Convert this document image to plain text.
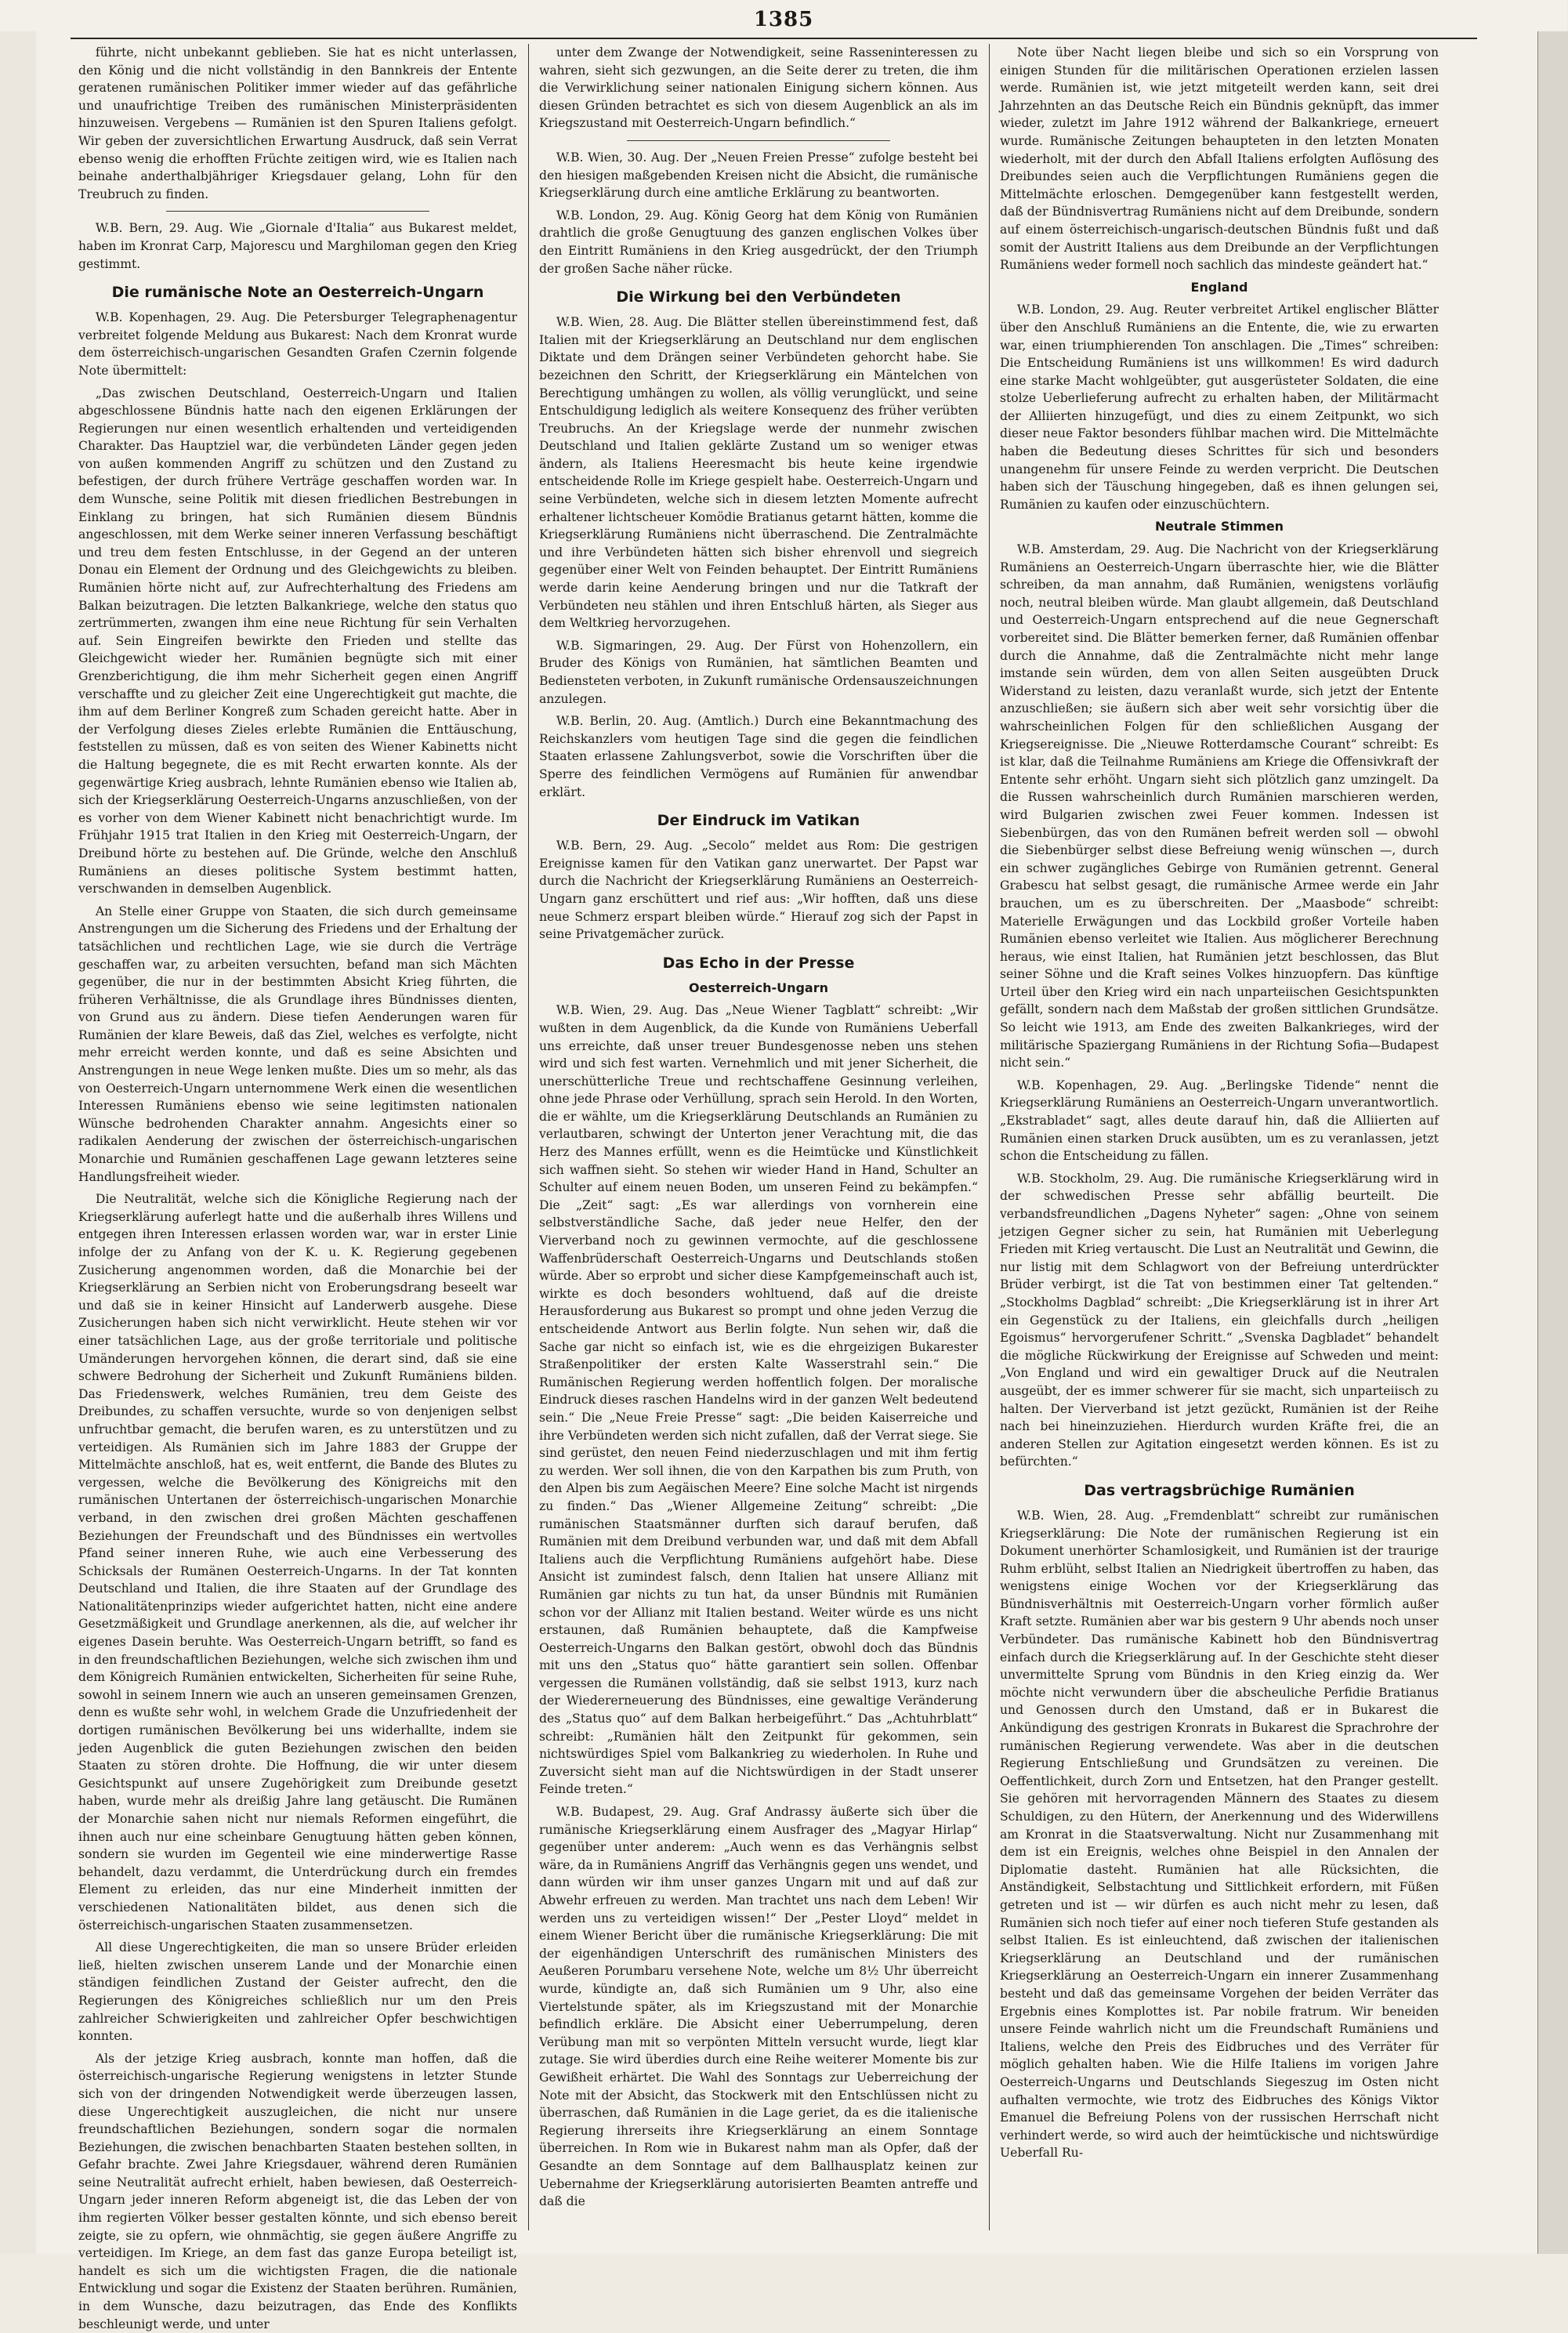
1385

führte, nicht unbekannt geblieben. Sie hat es nicht unterlassen, den König und die nicht vollständig in den Bannkreis der Entente geratenen rumänischen Politiker immer wieder auf das gefährliche und unaufrichtige Treiben des rumänischen Ministerpräsidenten hinzuweisen. Vergebens — Rumänien ist den Spuren Italiens gefolgt. Wir geben der zuversichtlichen Erwartung Ausdruck, daß sein Verrat ebenso wenig die erhofften Früchte zeitigen wird, wie es Italien nach beinahe anderthalbjähriger Kriegsdauer gelang, Lohn für den Treubruch zu finden.

W.B. Bern, 29. Aug. Wie „Giornale d'Italia“ aus Bukarest meldet, haben im Kronrat Carp, Majorescu und Marghiloman gegen den Krieg gestimmt.

Die rumänische Note an Oesterreich-Ungarn

W.B. Kopenhagen, 29. Aug. Die Petersburger Telegraphenagentur verbreitet folgende Meldung aus Bukarest: Nach dem Kronrat wurde dem österreichisch-ungarischen Gesandten Grafen Czernin folgende Note übermittelt:

„Das zwischen Deutschland, Oesterreich-Ungarn und Italien abgeschlossene Bündnis hatte nach den eigenen Erklärungen der Regierungen nur einen wesentlich erhaltenden und verteidigenden Charakter. Das Hauptziel war, die verbündeten Länder gegen jeden von außen kommenden Angriff zu schützen und den Zustand zu befestigen, der durch frühere Verträge geschaffen worden war. In dem Wunsche, seine Politik mit diesen friedlichen Bestrebungen in Einklang zu bringen, hat sich Rumänien diesem Bündnis angeschlossen, mit dem Werke seiner inneren Verfassung beschäftigt und treu dem festen Entschlusse, in der Gegend an der unteren Donau ein Element der Ordnung und des Gleichgewichts zu bleiben. Rumänien hörte nicht auf, zur Aufrechterhaltung des Friedens am Balkan beizutragen. Die letzten Balkankriege, welche den status quo zertrümmerten, zwangen ihm eine neue Richtung für sein Verhalten auf. Sein Eingreifen bewirkte den Frieden und stellte das Gleichgewicht wieder her. Rumänien begnügte sich mit einer Grenzberichtigung, die ihm mehr Sicherheit gegen einen Angriff verschaffte und zu gleicher Zeit eine Ungerechtigkeit gut machte, die ihm auf dem Berliner Kongreß zum Schaden gereicht hatte. Aber in der Verfolgung dieses Zieles erlebte Rumänien die Enttäuschung, feststellen zu müssen, daß es von seiten des Wiener Kabinetts nicht die Haltung begegnete, die es mit Recht erwarten konnte. Als der gegenwärtige Krieg ausbrach, lehnte Rumänien ebenso wie Italien ab, sich der Kriegserklärung Oesterreich-Ungarns anzuschließen, von der es vorher von dem Wiener Kabinett nicht benachrichtigt wurde. Im Frühjahr 1915 trat Italien in den Krieg mit Oesterreich-Ungarn, der Dreibund hörte zu bestehen auf. Die Gründe, welche den Anschluß Rumäniens an dieses politische System bestimmt hatten, verschwanden in demselben Augenblick.

An Stelle einer Gruppe von Staaten, die sich durch gemeinsame Anstrengungen um die Sicherung des Friedens und der Erhaltung der tatsächlichen und rechtlichen Lage, wie sie durch die Verträge geschaffen war, zu arbeiten versuchten, befand man sich Mächten gegenüber, die nur in der bestimmten Absicht Krieg führten, die früheren Verhältnisse, die als Grundlage ihres Bündnisses dienten, von Grund aus zu ändern. Diese tiefen Aenderungen waren für Rumänien der klare Beweis, daß das Ziel, welches es verfolgte, nicht mehr erreicht werden konnte, und daß es seine Absichten und Anstrengungen in neue Wege lenken mußte. Dies um so mehr, als das von Oesterreich-Ungarn unternommene Werk einen die wesentlichen Interessen Rumäniens ebenso wie seine legitimsten nationalen Wünsche bedrohenden Charakter annahm. Angesichts einer so radikalen Aenderung der zwischen der österreichisch-ungarischen Monarchie und Rumänien geschaffenen Lage gewann letzteres seine Handlungsfreiheit wieder.

Die Neutralität, welche sich die Königliche Regierung nach der Kriegserklärung auferlegt hatte und die außerhalb ihres Willens und entgegen ihren Interessen erlassen worden war, war in erster Linie infolge der zu Anfang von der K. u. K. Regierung gegebenen Zusicherung angenommen worden, daß die Monarchie bei der Kriegserklärung an Serbien nicht von Eroberungsdrang beseelt war und daß sie in keiner Hinsicht auf Landerwerb ausgehe. Diese Zusicherungen haben sich nicht verwirklicht. Heute stehen wir vor einer tatsächlichen Lage, aus der große territoriale und politische Umänderungen hervorgehen können, die derart sind, daß sie eine schwere Bedrohung der Sicherheit und Zukunft Rumäniens bilden. Das Friedenswerk, welches Rumänien, treu dem Geiste des Dreibundes, zu schaffen versuchte, wurde so von denjenigen selbst unfruchtbar gemacht, die berufen waren, es zu unterstützen und zu verteidigen. Als Rumänien sich im Jahre 1883 der Gruppe der Mittelmächte anschloß, hat es, weit entfernt, die Bande des Blutes zu vergessen, welche die Bevölkerung des Königreichs mit den rumänischen Untertanen der österreichisch-ungarischen Monarchie verband, in den zwischen drei großen Mächten geschaffenen Beziehungen der Freundschaft und des Bündnisses ein wertvolles Pfand seiner inneren Ruhe, wie auch eine Verbesserung des Schicksals der Rumänen Oesterreich-Ungarns. In der Tat konnten Deutschland und Italien, die ihre Staaten auf der Grundlage des Nationalitätenprinzips wieder aufgerichtet hatten, nicht eine andere Gesetzmäßigkeit und Grundlage anerkennen, als die, auf welcher ihr eigenes Dasein beruhte. Was Oesterreich-Ungarn betrifft, so fand es in den freundschaftlichen Beziehungen, welche sich zwischen ihm und dem Königreich Rumänien entwickelten, Sicherheiten für seine Ruhe, sowohl in seinem Innern wie auch an unseren gemeinsamen Grenzen, denn es wußte sehr wohl, in welchem Grade die Unzufriedenheit der dortigen rumänischen Bevölkerung bei uns widerhallte, indem sie jeden Augenblick die guten Beziehungen zwischen den beiden Staaten zu stören drohte. Die Hoffnung, die wir unter diesem Gesichtspunkt auf unsere Zugehörigkeit zum Dreibunde gesetzt haben, wurde mehr als dreißig Jahre lang getäuscht. Die Rumänen der Monarchie sahen nicht nur niemals Reformen eingeführt, die ihnen auch nur eine scheinbare Genugtuung hätten geben können, sondern sie wurden im Gegenteil wie eine minderwertige Rasse behandelt, dazu verdammt, die Unterdrückung durch ein fremdes Element zu erleiden, das nur eine Minderheit inmitten der verschiedenen Nationalitäten bildet, aus denen sich die österreichisch-ungarischen Staaten zusammensetzen.

All diese Ungerechtigkeiten, die man so unsere Brüder erleiden ließ, hielten zwischen unserem Lande und der Monarchie einen ständigen feindlichen Zustand der Geister aufrecht, den die Regierungen des Königreiches schließlich nur um den Preis zahlreicher Schwierigkeiten und zahlreicher Opfer beschwichtigen konnten.

Als der jetzige Krieg ausbrach, konnte man hoffen, daß die österreichisch-ungarische Regierung wenigstens in letzter Stunde sich von der dringenden Notwendigkeit werde überzeugen lassen, diese Ungerechtigkeit auszugleichen, die nicht nur unsere freundschaftlichen Beziehungen, sondern sogar die normalen Beziehungen, die zwischen benachbarten Staaten bestehen sollten, in Gefahr brachte. Zwei Jahre Kriegsdauer, während deren Rumänien seine Neutralität aufrecht erhielt, haben bewiesen, daß Oesterreich-Ungarn jeder inneren Reform abgeneigt ist, die das Leben der von ihm regierten Völker besser gestalten könnte, und sich ebenso bereit zeigte, sie zu opfern, wie ohnmächtig, sie gegen äußere Angriffe zu verteidigen. Im Kriege, an dem fast das ganze Europa beteiligt ist, handelt es sich um die wichtigsten Fragen, die die nationale Entwicklung und sogar die Existenz der Staaten berühren. Rumänien, in dem Wunsche, dazu beizutragen, das Ende des Konflikts beschleunigt werde, und unter

unter dem Zwange der Notwendigkeit, seine Rasseninteressen zu wahren, sieht sich gezwungen, an die Seite derer zu treten, die ihm die Verwirklichung seiner nationalen Einigung sichern können. Aus diesen Gründen betrachtet es sich von diesem Augenblick an als im Kriegszustand mit Oesterreich-Ungarn befindlich.“

W.B. Wien, 30. Aug. Der „Neuen Freien Presse“ zufolge besteht bei den hiesigen maßgebenden Kreisen nicht die Absicht, die rumänische Kriegserklärung durch eine amtliche Erklärung zu beantworten.

W.B. London, 29. Aug. König Georg hat dem König von Rumänien drahtlich die große Genugtuung des ganzen englischen Volkes über den Eintritt Rumäniens in den Krieg ausgedrückt, der den Triumph der großen Sache näher rücke.

Die Wirkung bei den Verbündeten

W.B. Wien, 28. Aug. Die Blätter stellen übereinstimmend fest, daß Italien mit der Kriegserklärung an Deutschland nur dem englischen Diktate und dem Drängen seiner Verbündeten gehorcht habe. Sie bezeichnen den Schritt, der Kriegserklärung ein Mäntelchen von Berechtigung umhängen zu wollen, als völlig verunglückt, und seine Entschuldigung lediglich als weitere Konsequenz des früher verübten Treubruchs. An der Kriegslage werde der nunmehr zwischen Deutschland und Italien geklärte Zustand um so weniger etwas ändern, als Italiens Heeresmacht bis heute keine irgendwie entscheidende Rolle im Kriege gespielt habe. Oesterreich-Ungarn und seine Verbündeten, welche sich in diesem letzten Momente aufrecht erhaltener lichtscheuer Komödie Bratianus getarnt hätten, komme die Kriegserklärung Rumäniens nicht überraschend. Die Zentralmächte und ihre Verbündeten hätten sich bisher ehrenvoll und siegreich gegenüber einer Welt von Feinden behauptet. Der Eintritt Rumäniens werde darin keine Aenderung bringen und nur die Tatkraft der Verbündeten neu stählen und ihren Entschluß härten, als Sieger aus dem Weltkrieg hervorzugehen.

W.B. Sigmaringen, 29. Aug. Der Fürst von Hohenzollern, ein Bruder des Königs von Rumänien, hat sämtlichen Beamten und Bediensteten verboten, in Zukunft rumänische Ordensauszeichnungen anzulegen.

W.B. Berlin, 20. Aug. (Amtlich.) Durch eine Bekanntmachung des Reichskanzlers vom heutigen Tage sind die gegen die feindlichen Staaten erlassene Zahlungsverbot, sowie die Vorschriften über die Sperre des feindlichen Vermögens auf Rumänien für anwendbar erklärt.

Der Eindruck im Vatikan

W.B. Bern, 29. Aug. „Secolo“ meldet aus Rom: Die gestrigen Ereignisse kamen für den Vatikan ganz unerwartet. Der Papst war durch die Nachricht der Kriegserklärung Rumäniens an Oesterreich-Ungarn ganz erschüttert und rief aus: „Wir hofften, daß uns diese neue Schmerz erspart bleiben würde.“ Hierauf zog sich der Papst in seine Privatgemächer zurück.

Das Echo in der Presse
Oesterreich-Ungarn

W.B. Wien, 29. Aug. Das „Neue Wiener Tagblatt“ schreibt: „Wir wußten in dem Augenblick, da die Kunde von Rumäniens Ueberfall uns erreichte, daß unser treuer Bundesgenosse neben uns stehen wird und sich fest warten. Vernehmlich und mit jener Sicherheit, die unerschütterliche Treue und rechtschaffene Gesinnung verleihen, ohne jede Phrase oder Verhüllung, sprach sein Herold. In den Worten, die er wählte, um die Kriegserklärung Deutschlands an Rumänien zu verlautbaren, schwingt der Unterton jener Verachtung mit, die das Herz des Mannes erfüllt, wenn es die Heimtücke und Künstlichkeit sich waffnen sieht. So stehen wir wieder Hand in Hand, Schulter an Schulter auf einem neuen Boden, um unseren Feind zu bekämpfen.“ Die „Zeit“ sagt: „Es war allerdings von vornherein eine selbstverständliche Sache, daß jeder neue Helfer, den der Vierverband noch zu gewinnen vermochte, auf die geschlossene Waffenbrüderschaft Oesterreich-Ungarns und Deutschlands stoßen würde. Aber so erprobt und sicher diese Kampfgemeinschaft auch ist, wirkte es doch besonders wohltuend, daß auf die dreiste Herausforderung aus Bukarest so prompt und ohne jeden Verzug die entscheidende Antwort aus Berlin folgte. Nun sehen wir, daß die Sache gar nicht so einfach ist, wie es die ehrgeizigen Bukarester Straßenpolitiker der ersten Kalte Wasserstrahl sein.“ Die Rumänischen Regierung werden hoffentlich folgen. Der moralische Eindruck dieses raschen Handelns wird in der ganzen Welt bedeutend sein.“ Die „Neue Freie Presse“ sagt: „Die beiden Kaiserreiche und ihre Verbündeten werden sich nicht zufallen, daß der Verrat siege. Sie sind gerüstet, den neuen Feind niederzuschlagen und mit ihm fertig zu werden. Wer soll ihnen, die von den Karpathen bis zum Pruth, von den Alpen bis zum Aegäischen Meere? Eine solche Macht ist nirgends zu finden.“ Das „Wiener Allgemeine Zeitung“ schreibt: „Die rumänischen Staatsmänner durften sich darauf berufen, daß Rumänien mit dem Dreibund verbunden war, und daß mit dem Abfall Italiens auch die Verpflichtung Rumäniens aufgehört habe. Diese Ansicht ist zumindest falsch, denn Italien hat unsere Allianz mit Rumänien gar nichts zu tun hat, da unser Bündnis mit Rumänien schon vor der Allianz mit Italien bestand. Weiter würde es uns nicht erstaunen, daß Rumänien behauptete, daß die Kampfweise Oesterreich-Ungarns den Balkan gestört, obwohl doch das Bündnis mit uns den „Status quo“ hätte garantiert sein sollen. Offenbar vergessen die Rumänen vollständig, daß sie selbst 1913, kurz nach der Wiedererneuerung des Bündnisses, eine gewaltige Veränderung des „Status quo“ auf dem Balkan herbeigeführt.“ Das „Achtuhrblatt“ schreibt: „Rumänien hält den Zeitpunkt für gekommen, sein nichtswürdiges Spiel vom Balkankrieg zu wiederholen. In Ruhe und Zuversicht sieht man auf die Nichtswürdigen in der Stadt unserer Feinde treten.“

W.B. Budapest, 29. Aug. Graf Andrassy äußerte sich über die rumänische Kriegserklärung einem Ausfrager des „Magyar Hirlap“ gegenüber unter anderem: „Auch wenn es das Verhängnis selbst wäre, da in Rumäniens Angriff das Verhängnis gegen uns wendet, und dann würden wir ihm unser ganzes Ungarn mit und auf daß zur Abwehr erfreuen zu werden. Man trachtet uns nach dem Leben! Wir werden uns zu verteidigen wissen!“ Der „Pester Lloyd“ meldet in einem Wiener Bericht über die rumänische Kriegserklärung: Die mit der eigenhändigen Unterschrift des rumänischen Ministers des Aeußeren Porumbaru versehene Note, welche um 8½ Uhr überreicht wurde, kündigte an, daß sich Rumänien um 9 Uhr, also eine Viertelstunde später, als im Kriegszustand mit der Monarchie befindlich erkläre. Die Absicht einer Ueberrumpelung, deren Verübung man mit so verpönten Mitteln versucht wurde, liegt klar zutage. Sie wird überdies durch eine Reihe weiterer Momente bis zur Gewißheit erhärtet. Die Wahl des Sonntags zur Ueberreichung der Note mit der Absicht, das Stockwerk mit den Entschlüssen nicht zu überraschen, daß Rumänien in die Lage geriet, da es die italienische Regierung ihrerseits ihre Kriegserklärung an einem Sonntage überreichen. In Rom wie in Bukarest nahm man als Opfer, daß der Gesandte an dem Sonntage auf dem Ballhausplatz keinen zur Uebernahme der Kriegserklärung autorisierten Beamten antreffe und daß die

Note über Nacht liegen bleibe und sich so ein Vorsprung von einigen Stunden für die militärischen Operationen erzielen lassen werde. Rumänien ist, wie jetzt mitgeteilt werden kann, seit drei Jahrzehnten an das Deutsche Reich ein Bündnis geknüpft, das immer wieder, zuletzt im Jahre 1912 während der Balkankriege, erneuert wurde. Rumänische Zeitungen behaupteten in den letzten Monaten wiederholt, mit der durch den Abfall Italiens erfolgten Auflösung des Dreibundes seien auch die Verpflichtungen Rumäniens gegen die Mittelmächte erloschen. Demgegenüber kann festgestellt werden, daß der Bündnisvertrag Rumäniens nicht auf dem Dreibunde, sondern auf einem österreichisch-ungarisch-deutschen Bündnis fußt und daß somit der Austritt Italiens aus dem Dreibunde an der Verpflichtungen Rumäniens weder formell noch sachlich das mindeste geändert hat.“

England

W.B. London, 29. Aug. Reuter verbreitet Artikel englischer Blätter über den Anschluß Rumäniens an die Entente, die, wie zu erwarten war, einen triumphierenden Ton anschlagen. Die „Times“ schreiben: Die Entscheidung Rumäniens ist uns willkommen! Es wird dadurch eine starke Macht wohlgeübter, gut ausgerüsteter Soldaten, die eine stolze Ueberlieferung aufrecht zu erhalten haben, der Militärmacht der Alliierten hinzugefügt, und dies zu einem Zeitpunkt, wo sich dieser neue Faktor besonders fühlbar machen wird. Die Mittelmächte haben die Bedeutung dieses Schrittes für sich und besonders unangenehm für unsere Feinde zu werden verpricht. Die Deutschen haben sich der Täuschung hingegeben, daß es ihnen gelungen sei, Rumänien zu kaufen oder einzuschüchtern.

Neutrale Stimmen

W.B. Amsterdam, 29. Aug. Die Nachricht von der Kriegserklärung Rumäniens an Oesterreich-Ungarn überraschte hier, wie die Blätter schreiben, da man annahm, daß Rumänien, wenigstens vorläufig noch, neutral bleiben würde. Man glaubt allgemein, daß Deutschland und Oesterreich-Ungarn entsprechend auf die neue Gegnerschaft vorbereitet sind. Die Blätter bemerken ferner, daß Rumänien offenbar durch die Annahme, daß die Zentralmächte nicht mehr lange imstande sein würden, dem von allen Seiten ausgeübten Druck Widerstand zu leisten, dazu veranlaßt wurde, sich jetzt der Entente anzuschließen; sie äußern sich aber weit sehr vorsichtig über die wahrscheinlichen Folgen für den schließlichen Ausgang der Kriegsereignisse. Die „Nieuwe Rotterdamsche Courant“ schreibt: Es ist klar, daß die Teilnahme Rumäniens am Kriege die Offensivkraft der Entente sehr erhöht. Ungarn sieht sich plötzlich ganz umzingelt. Da die Russen wahrscheinlich durch Rumänien marschieren werden, wird Bulgarien zwischen zwei Feuer kommen. Indessen ist Siebenbürgen, das von den Rumänen befreit werden soll — obwohl die Siebenbürger selbst diese Befreiung wenig wünschen —, durch ein schwer zugängliches Gebirge von Rumänien getrennt. General Grabescu hat selbst gesagt, die rumänische Armee werde ein Jahr brauchen, um es zu überschreiten. Der „Maasbode“ schreibt: Materielle Erwägungen und das Lockbild großer Vorteile haben Rumänien ebenso verleitet wie Italien. Aus möglicherer Berechnung heraus, wie einst Italien, hat Rumänien jetzt beschlossen, das Blut seiner Söhne und die Kraft seines Volkes hinzuopfern. Das künftige Urteil über den Krieg wird ein nach unparteiischen Gesichtspunkten gefällt, sondern nach dem Maßstab der großen sittlichen Grundsätze. So leicht wie 1913, am Ende des zweiten Balkankrieges, wird der militärische Spaziergang Rumäniens in der Richtung Sofia—Budapest nicht sein.“

W.B. Kopenhagen, 29. Aug. „Berlingske Tidende“ nennt die Kriegserklärung Rumäniens an Oesterreich-Ungarn unverantwortlich. „Ekstrabladet“ sagt, alles deute darauf hin, daß die Alliierten auf Rumänien einen starken Druck ausübten, um es zu veranlassen, jetzt schon die Entscheidung zu fällen.

W.B. Stockholm, 29. Aug. Die rumänische Kriegserklärung wird in der schwedischen Presse sehr abfällig beurteilt. Die verbandsfreundlichen „Dagens Nyheter“ sagen: „Ohne von seinem jetzigen Gegner sicher zu sein, hat Rumänien mit Ueberlegung Frieden mit Krieg vertauscht. Die Lust an Neutralität und Gewinn, die nur listig mit dem Schlagwort von der Befreiung unterdrückter Brüder verbirgt, ist die Tat von bestimmen einer Tat geltenden.“ „Stockholms Dagblad“ schreibt: „Die Kriegserklärung ist in ihrer Art ein Gegenstück zu der Italiens, ein gleichfalls durch „heiligen Egoismus“ hervorgerufener Schritt.“ „Svenska Dagbladet“ behandelt die mögliche Rückwirkung der Ereignisse auf Schweden und meint: „Von England und wird ein gewaltiger Druck auf die Neutralen ausgeübt, der es immer schwerer für sie macht, sich unparteiisch zu halten. Der Vierverband ist jetzt gezückt, Rumänien ist der Reihe nach bei hineinzuziehen. Hierdurch wurden Kräfte frei, die an anderen Stellen zur Agitation eingesetzt werden können. Es ist zu befürchten.“

Das vertragsbrüchige Rumänien

W.B. Wien, 28. Aug. „Fremdenblatt“ schreibt zur rumänischen Kriegserklärung: Die Note der rumänischen Regierung ist ein Dokument unerhörter Schamlosigkeit, und Rumänien ist der traurige Ruhm erblüht, selbst Italien an Niedrigkeit übertroffen zu haben, das wenigstens einige Wochen vor der Kriegserklärung das Bündnisverhältnis mit Oesterreich-Ungarn vorher förmlich außer Kraft setzte. Rumänien aber war bis gestern 9 Uhr abends noch unser Verbündeter. Das rumänische Kabinett hob den Bündnisvertrag einfach durch die Kriegserklärung auf. In der Geschichte steht dieser unvermittelte Sprung vom Bündnis in den Krieg einzig da. Wer möchte nicht verwundern über die abscheuliche Perfidie Bratianus und Genossen durch den Umstand, daß er in Bukarest die Ankündigung des gestrigen Kronrats in Bukarest die Sprachrohre der rumänischen Regierung verwendete. Was aber in die deutschen Regierung Entschließung und Grundsätzen zu vereinen. Die Oeffentlichkeit, durch Zorn und Entsetzen, hat den Pranger gestellt. Sie gehören mit hervorragenden Männern des Staates zu diesem Schuldigen, zu den Hütern, der Anerkennung und des Widerwillens am Kronrat in die Staatsverwaltung. Nicht nur Zusammenhang mit dem ist ein Ereignis, welches ohne Beispiel in den Annalen der Diplomatie dasteht. Rumänien hat alle Rücksichten, die Anständigkeit, Selbstachtung und Sittlichkeit erfordern, mit Füßen getreten und ist — wir dürfen es auch nicht mehr zu lesen, daß Rumänien sich noch tiefer auf einer noch tieferen Stufe gestanden als selbst Italien. Es ist einleuchtend, daß zwischen der italienischen Kriegserklärung an Deutschland und der rumänischen Kriegserklärung an Oesterreich-Ungarn ein innerer Zusammenhang besteht und daß das gemeinsame Vorgehen der beiden Verräter das Ergebnis eines Komplottes ist. Par nobile fratrum. Wir beneiden unsere Feinde wahrlich nicht um die Freundschaft Rumäniens und Italiens, welche den Preis des Eidbruches und des Verräter für möglich gehalten haben. Wie die Hilfe Italiens im vorigen Jahre Oesterreich-Ungarns und Deutschlands Siegeszug im Osten nicht aufhalten vermochte, wie trotz des Eidbruches des Königs Viktor Emanuel die Befreiung Polens von der russischen Herrschaft nicht verhindert werde, so wird auch der heimtückische und nichtswürdige Ueberfall Ru-
